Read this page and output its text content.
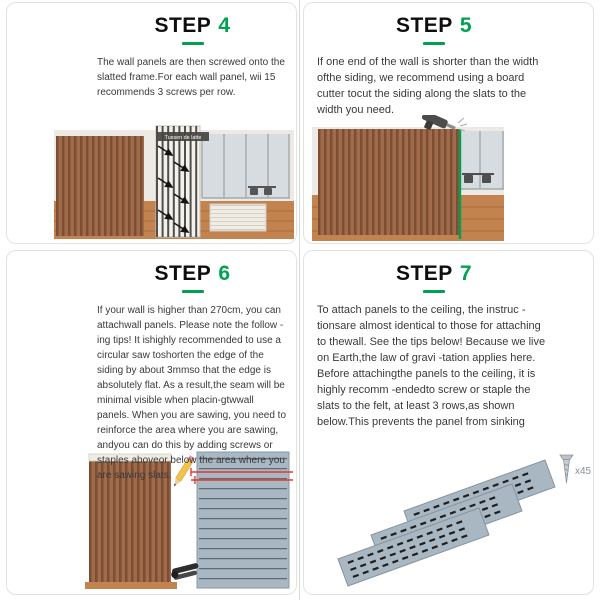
STEP 4

The wall panels are then screwed onto the slatted frame.For each wall panel, wii 15 recommends 3 screws per row.

Tussen de latte
STEP 5

If one end of the wall is shorter than the width ofthe siding, we recommend using a board cutter tocut the siding along the slats to the width you need.

STEP 6

If your wall is higher than 270cm, you can attachwall panels. Please note the follow -ing tips! It ishighly recommended to use a circular saw toshorten the edge of the siding by about 3mmso that the edge is absolutely flat. As a result,the seam will be minimal visible when placin-gtwwall panels. When you are sawing, you need to reinforce the area where you are sawing, andyou can do this by adding screws or staples aboveor below the area where you are sawing slats.

STEP 7

To attach panels to the ceiling, the instruc -tionsare almost identical to those for attaching to thewall. See the tips below! Because we live on Earth,the law of gravi -tation applies here. Before attachingthe panels to the ceiling, it is highly recomm -endedto screw or staple the slats to the felt, at least 3 rows,as shown below.This prevents the panel from sinking

x45
